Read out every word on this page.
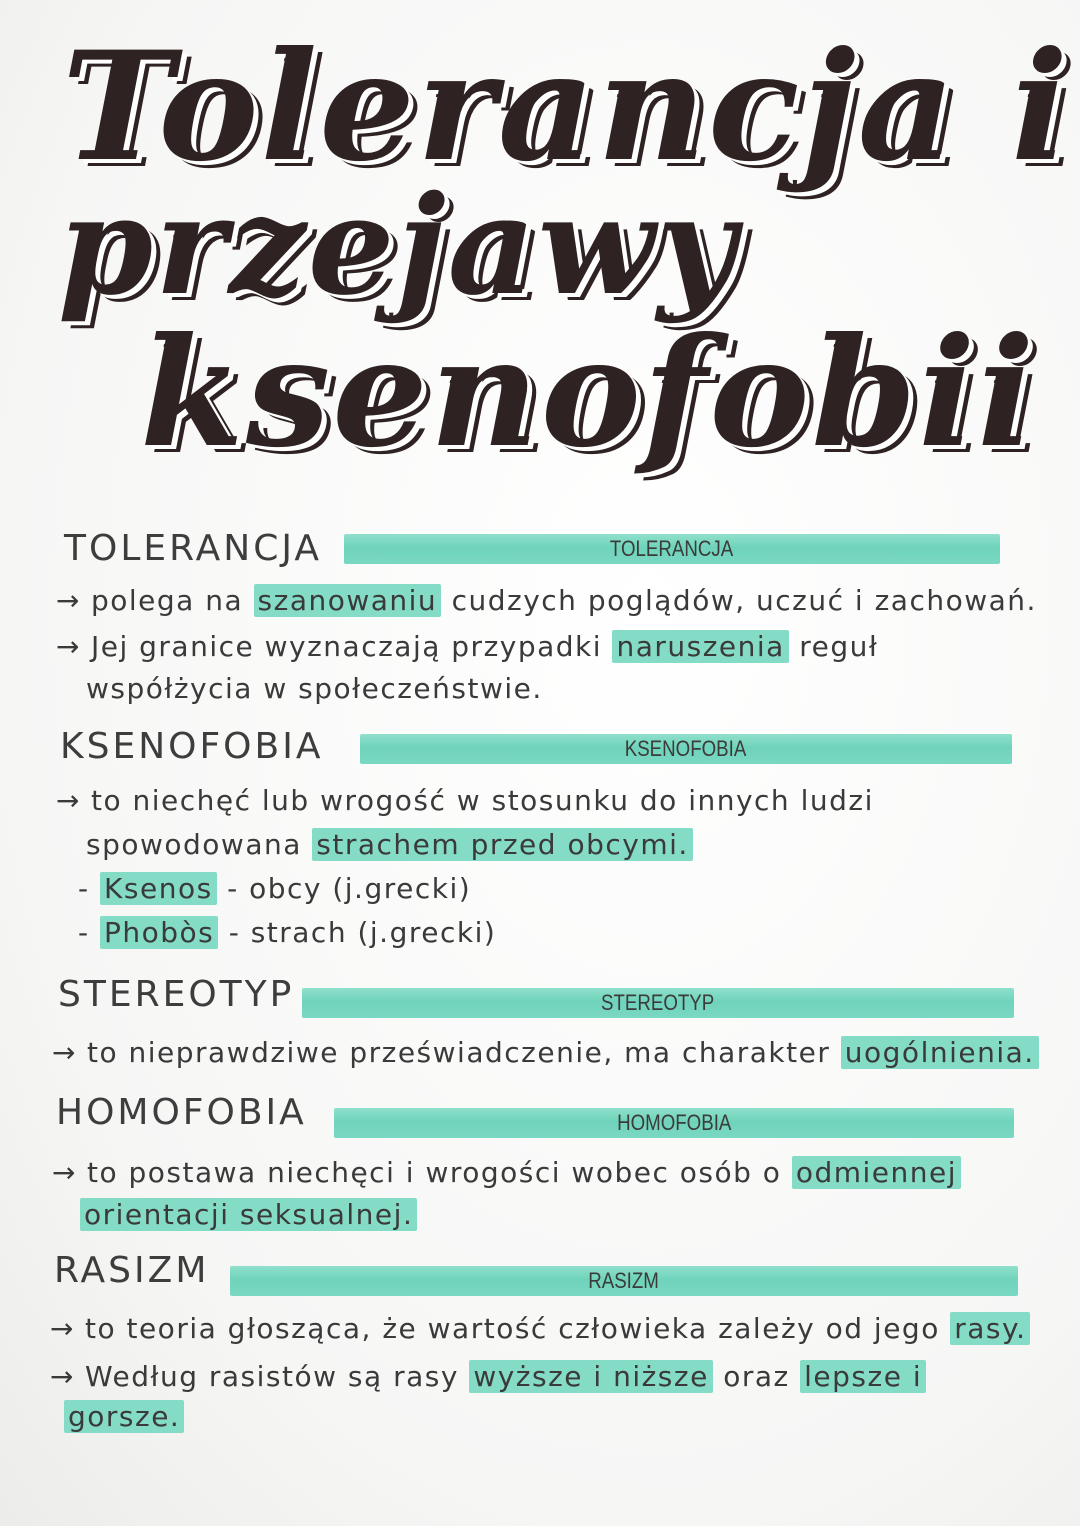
Tolerancja i
przejawy
ksenofobii
TOLERANCJA	TOLERANCJA
→ polega na szanowaniu cudzych poglądów, uczuć i zachowań.
→ Jej granice wyznaczają przypadki naruszenia reguł
współżycia w społeczeństwie.
KSENOFOBIA	KSENOFOBIA
→ to niechęć lub wrogość w stosunku do innych ludzi
spowodowana strachem przed obcymi.
- Ksenos - obcy (j.grecki)
- Phobòs - strach (j.grecki)
STEREOTYP	STEREOTYP
→ to nieprawdziwe przeświadczenie, ma charakter uogólnienia.
HOMOFOBIA	HOMOFOBIA
→ to postawa niechęci i wrogości wobec osób o odmiennej
orientacji seksualnej.
RASIZM	RASIZM
→ to teoria głosząca, że wartość człowieka zależy od jego rasy.
→ Według rasistów są rasy wyższe i niższe oraz lepsze i
gorsze.
